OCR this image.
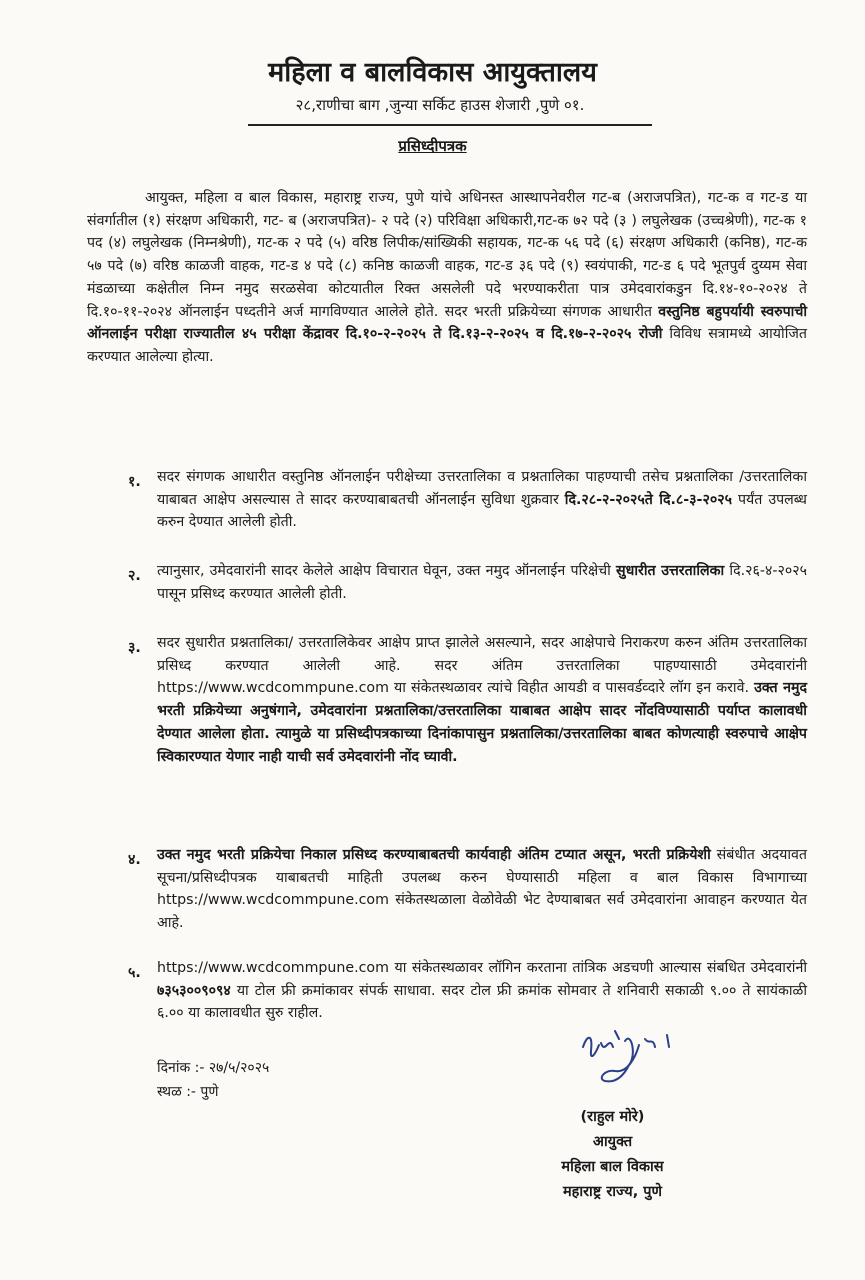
महिला व बालविकास आयुक्तालय

२८,राणीचा बाग ,जुन्या सर्किट हाउस शेजारी ,पुणे ०१.

प्रसिध्दीपत्रक

आयुक्त, महिला व बाल विकास, महाराष्ट्र राज्य, पुणे यांचे अधिनस्त आस्थापनेवरील गट-ब (अराजपत्रित), गट-क व गट-ड या संवर्गातील (१) संरक्षण अधिकारी, गट- ब (अराजपत्रित)- २ पदे (२) परिविक्षा अधिकारी,गट-क ७२ पदे (३ ) लघुलेखक (उच्चश्रेणी), गट-क १ पद (४) लघुलेखक (निम्नश्रेणी), गट-क २ पदे (५) वरिष्ठ लिपीक/सांख्यिकी सहायक, गट-क ५६ पदे (६) संरक्षण अधिकारी (कनिष्ठ), गट-क ५७ पदे (७) वरिष्ठ काळजी वाहक, गट-ड ४ पदे (८) कनिष्ठ काळजी वाहक, गट-ड ३६ पदे (९) स्वयंपाकी, गट-ड ६ पदे भूतपुर्व दुय्यम सेवा मंडळाच्या कक्षेतील निम्न नमुद सरळसेवा कोटयातील रिक्त असलेली पदे भरण्याकरीता पात्र उमेदवारांकडुन दि.१४-१०-२०२४ ते दि.१०-११-२०२४ ऑनलाईन पध्दतीने अर्ज मागविण्यात आलेले होते. सदर भरती प्रक्रियेच्या संगणक आधारीत वस्तुनिष्ठ बहुपर्यायी स्वरुपाची ऑनलाईन परीक्षा राज्यातील ४५ परीक्षा केंद्रावर दि.१०-२-२०२५ ते दि.१३-२-२०२५ व दि.१७-२-२०२५ रोजी विविध सत्रामध्ये आयोजित करण्यात आलेल्या होत्या.

१. सदर संगणक आधारीत वस्तुनिष्ठ ऑनलाईन परीक्षेच्या उत्तरतालिका व प्रश्नतालिका पाहण्याची तसेच प्रश्नतालिका /उत्तरतालिका याबाबत आक्षेप असल्यास ते सादर करण्याबाबतची ऑनलाईन सुविधा शुक्रवार दि.२८-२-२०२५ते दि.८-३-२०२५ पर्यंत उपलब्ध करुन देण्यात आलेली होती.

२. त्यानुसार, उमेदवारांनी सादर केलेले आक्षेप विचारात घेवून, उक्त नमुद ऑनलाईन परिक्षेची सुधारीत उत्तरतालिका दि.२६-४-२०२५ पासून प्रसिध्द करण्यात आलेली होती.

३. सदर सुधारीत प्रश्नतालिका/ उत्तरतालिकेवर आक्षेप प्राप्त झालेले असल्याने, सदर आक्षेपाचे निराकरण करुन अंतिम उत्तरतालिका प्रसिध्द करण्यात आलेली आहे. सदर अंतिम उत्तरतालिका पाहण्यासाठी उमेदवारांनी https://www.wcdcommpune.com या संकेतस्थळावर त्यांचे विहीत आयडी व पासवर्डव्दारे लॉग इन करावे. उक्त नमुद भरती प्रक्रियेच्या अनुषंगाने, उमेदवारांना प्रश्नतालिका/उत्तरतालिका याबाबत आक्षेप सादर नोंदविण्यासाठी पर्याप्त कालावधी देण्यात आलेला होता. त्यामुळे या प्रसिध्दीपत्रकाच्या दिनांकापासुन प्रश्नतालिका/उत्तरतालिका बाबत कोणत्याही स्वरुपाचे आक्षेप स्विकारण्यात येणार नाही याची सर्व उमेदवारांनी नोंद घ्यावी.

४. उक्त नमुद भरती प्रक्रियेचा निकाल प्रसिध्द करण्याबाबतची कार्यवाही अंतिम टप्यात असून, भरती प्रक्रियेशी संबंधीत अदयावत सूचना/प्रसिध्दीपत्रक याबाबतची माहिती उपलब्ध करुन घेण्यासाठी महिला व बाल विकास विभागाच्या https://www.wcdcommpune.com संकेतस्थळाला वेळोवेळी भेट देण्याबाबत सर्व उमेदवारांना आवाहन करण्यात येत आहे.

५. https://www.wcdcommpune.com या संकेतस्थळावर लॉगिन करताना तांत्रिक अडचणी आल्यास संबधित उमेदवारांनी ७३५३००९०९४ या टोल फ्री क्रमांकावर संपर्क साधावा. सदर टोल फ्री क्रमांक सोमवार ते शनिवारी सकाळी ९.०० ते सायंकाळी ६.०० या कालावधीत सुरु राहील.

दिनांक :- २७/५/२०२५

स्थळ :- पुणे

(राहुल मोरे)
आयुक्त
महिला बाल विकास
महाराष्ट्र राज्य, पुणे
